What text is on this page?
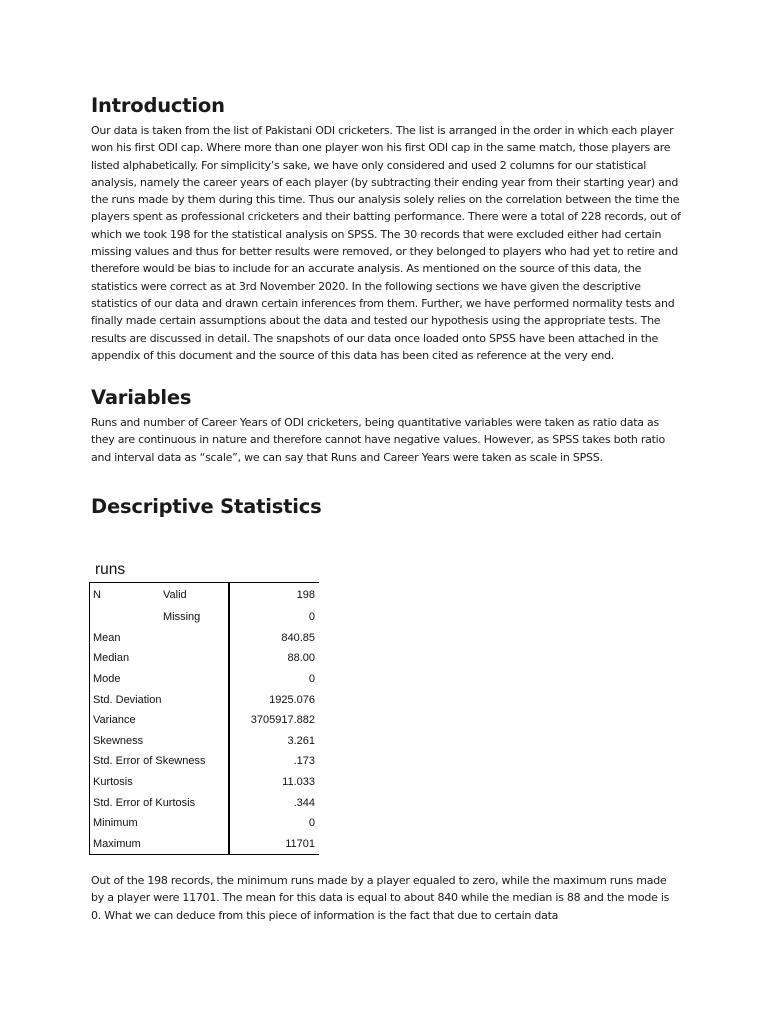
Introduction

Our data is taken from the list of Pakistani ODI cricketers. The list is arranged in the order in which each player won his first ODI cap. Where more than one player won his first ODI cap in the same match, those players are listed alphabetically. For simplicity’s sake, we have only considered and used 2 columns for our statistical analysis, namely the career years of each player (by subtracting their ending year from their starting year) and the runs made by them during this time. Thus our analysis solely relies on the correlation between the time the players spent as professional cricketers and their batting performance. There were a total of 228 records, out of which we took 198 for the statistical analysis on SPSS. The 30 records that were excluded either had certain missing values and thus for better results were removed, or they belonged to players who had yet to retire and therefore would be bias to include for an accurate analysis. As mentioned on the source of this data, the statistics were correct as at 3rd November 2020. In the following sections we have given the descriptive statistics of our data and drawn certain inferences from them. Further, we have performed normality tests and finally made certain assumptions about the data and tested our hypothesis using the appropriate tests. The results are discussed in detail. The snapshots of our data once loaded onto SPSS have been attached in the appendix of this document and the source of this data has been cited as reference at the very end.

Variables

Runs and number of Career Years of ODI cricketers, being quantitative variables were taken as ratio data as they are continuous in nature and therefore cannot have negative values. However, as SPSS takes both ratio and interval data as “scale”, we can say that Runs and Career Years were taken as scale in SPSS.

Descriptive Statistics
runs
N	Valid	198
	Missing	0
Mean		840.85
Median		88.00
Mode		0
Std. Deviation		1925.076
Variance		3705917.882
Skewness		3.261
Std. Error of Skewness		.173
Kurtosis		11.033
Std. Error of Kurtosis		.344
Minimum		0
Maximum		11701

Out of the 198 records, the minimum runs made by a player equaled to zero, while the maximum runs made by a player were 11701. The mean for this data is equal to about 840 while the median is 88 and the mode is 0. What we can deduce from this piece of information is the fact that due to certain data
